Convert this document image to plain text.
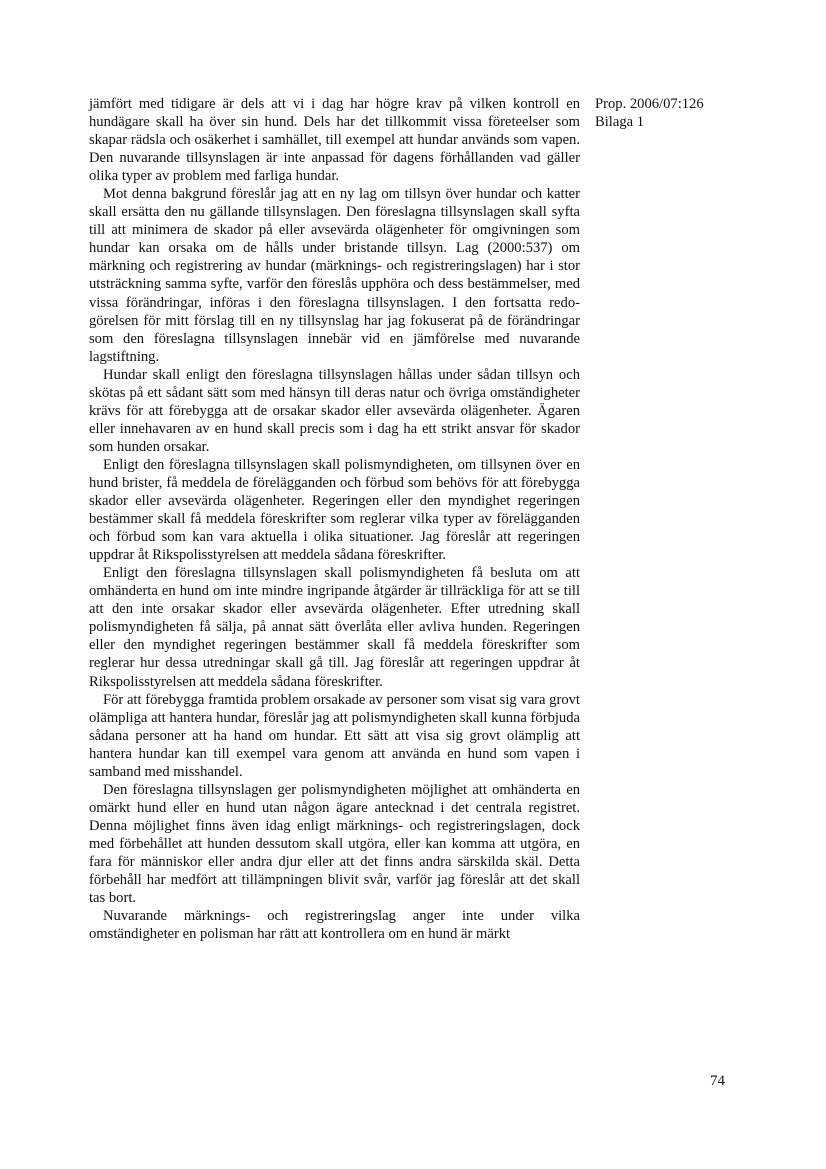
jämfört med tidigare är dels att vi i dag har högre krav på vilken kontroll en hundägare skall ha över sin hund. Dels har det tillkommit vissa företeelser som skapar rädsla och osäkerhet i samhället, till exempel att hundar används som vapen. Den nuvarande tillsynslagen är inte anpassad för dagens förhållanden vad gäller olika typer av problem med farliga hundar.

Mot denna bakgrund föreslår jag att en ny lag om tillsyn över hundar och katter skall ersätta den nu gällande tillsynslagen. Den föreslagna tillsynslagen skall syfta till att minimera de skador på eller avsevärda olägenheter för omgivningen som hundar kan orsaka om de hålls under bristande tillsyn. Lag (2000:537) om märkning och registrering av hundar (märknings- och registreringslagen) har i stor utsträckning samma syfte, varför den föreslås upphöra och dess bestämmelser, med vissa förändringar, införas i den föreslagna tillsynslagen. I den fortsatta redogörelsen för mitt förslag till en ny tillsynslag har jag fokuserat på de förändringar som den föreslagna tillsynslagen innebär vid en jämförelse med nuvarande lagstiftning.

Hundar skall enligt den föreslagna tillsynslagen hållas under sådan tillsyn och skötas på ett sådant sätt som med hänsyn till deras natur och övriga omständigheter krävs för att förebygga att de orsakar skador eller avsevärda olägenheter. Ägaren eller innehavaren av en hund skall precis som i dag ha ett strikt ansvar för skador som hunden orsakar.

Enligt den föreslagna tillsynslagen skall polismyndigheten, om tillsynen över en hund brister, få meddela de förelägganden och förbud som behövs för att förebygga skador eller avsevärda olägenheter. Regeringen eller den myndighet regeringen bestämmer skall få meddela föreskrifter som reglerar vilka typer av förelägganden och förbud som kan vara aktuella i olika situationer. Jag föreslår att regeringen uppdrar åt Rikspolisstyrelsen att meddela sådana föreskrifter.

Enligt den föreslagna tillsynslagen skall polismyndigheten få besluta om att omhänderta en hund om inte mindre ingripande åtgärder är tillräckliga för att se till att den inte orsakar skador eller avsevärda olägenheter. Efter utredning skall polismyndigheten få sälja, på annat sätt överlåta eller avliva hunden. Regeringen eller den myndighet regeringen bestämmer skall få meddela föreskrifter som reglerar hur dessa utredningar skall gå till. Jag föreslår att regeringen uppdrar åt Rikspolisstyrelsen att meddela sådana föreskrifter.

För att förebygga framtida problem orsakade av personer som visat sig vara grovt olämpliga att hantera hundar, föreslår jag att polismyndigheten skall kunna förbjuda sådana personer att ha hand om hundar. Ett sätt att visa sig grovt olämplig att hantera hundar kan till exempel vara genom att använda en hund som vapen i samband med misshandel.

Den föreslagna tillsynslagen ger polismyndigheten möjlighet att omhänderta en omärkt hund eller en hund utan någon ägare antecknad i det centrala registret. Denna möjlighet finns även idag enligt märknings- och registreringslagen, dock med förbehållet att hunden dessutom skall utgöra, eller kan komma att utgöra, en fara för människor eller andra djur eller att det finns andra särskilda skäl. Detta förbehåll har medfört att tillämpningen blivit svår, varför jag föreslår att det skall tas bort.

Nuvarande märknings- och registreringslag anger inte under vilka omständigheter en polisman har rätt att kontrollera om en hund är märkt

Prop. 2006/07:126
Bilaga 1
74
